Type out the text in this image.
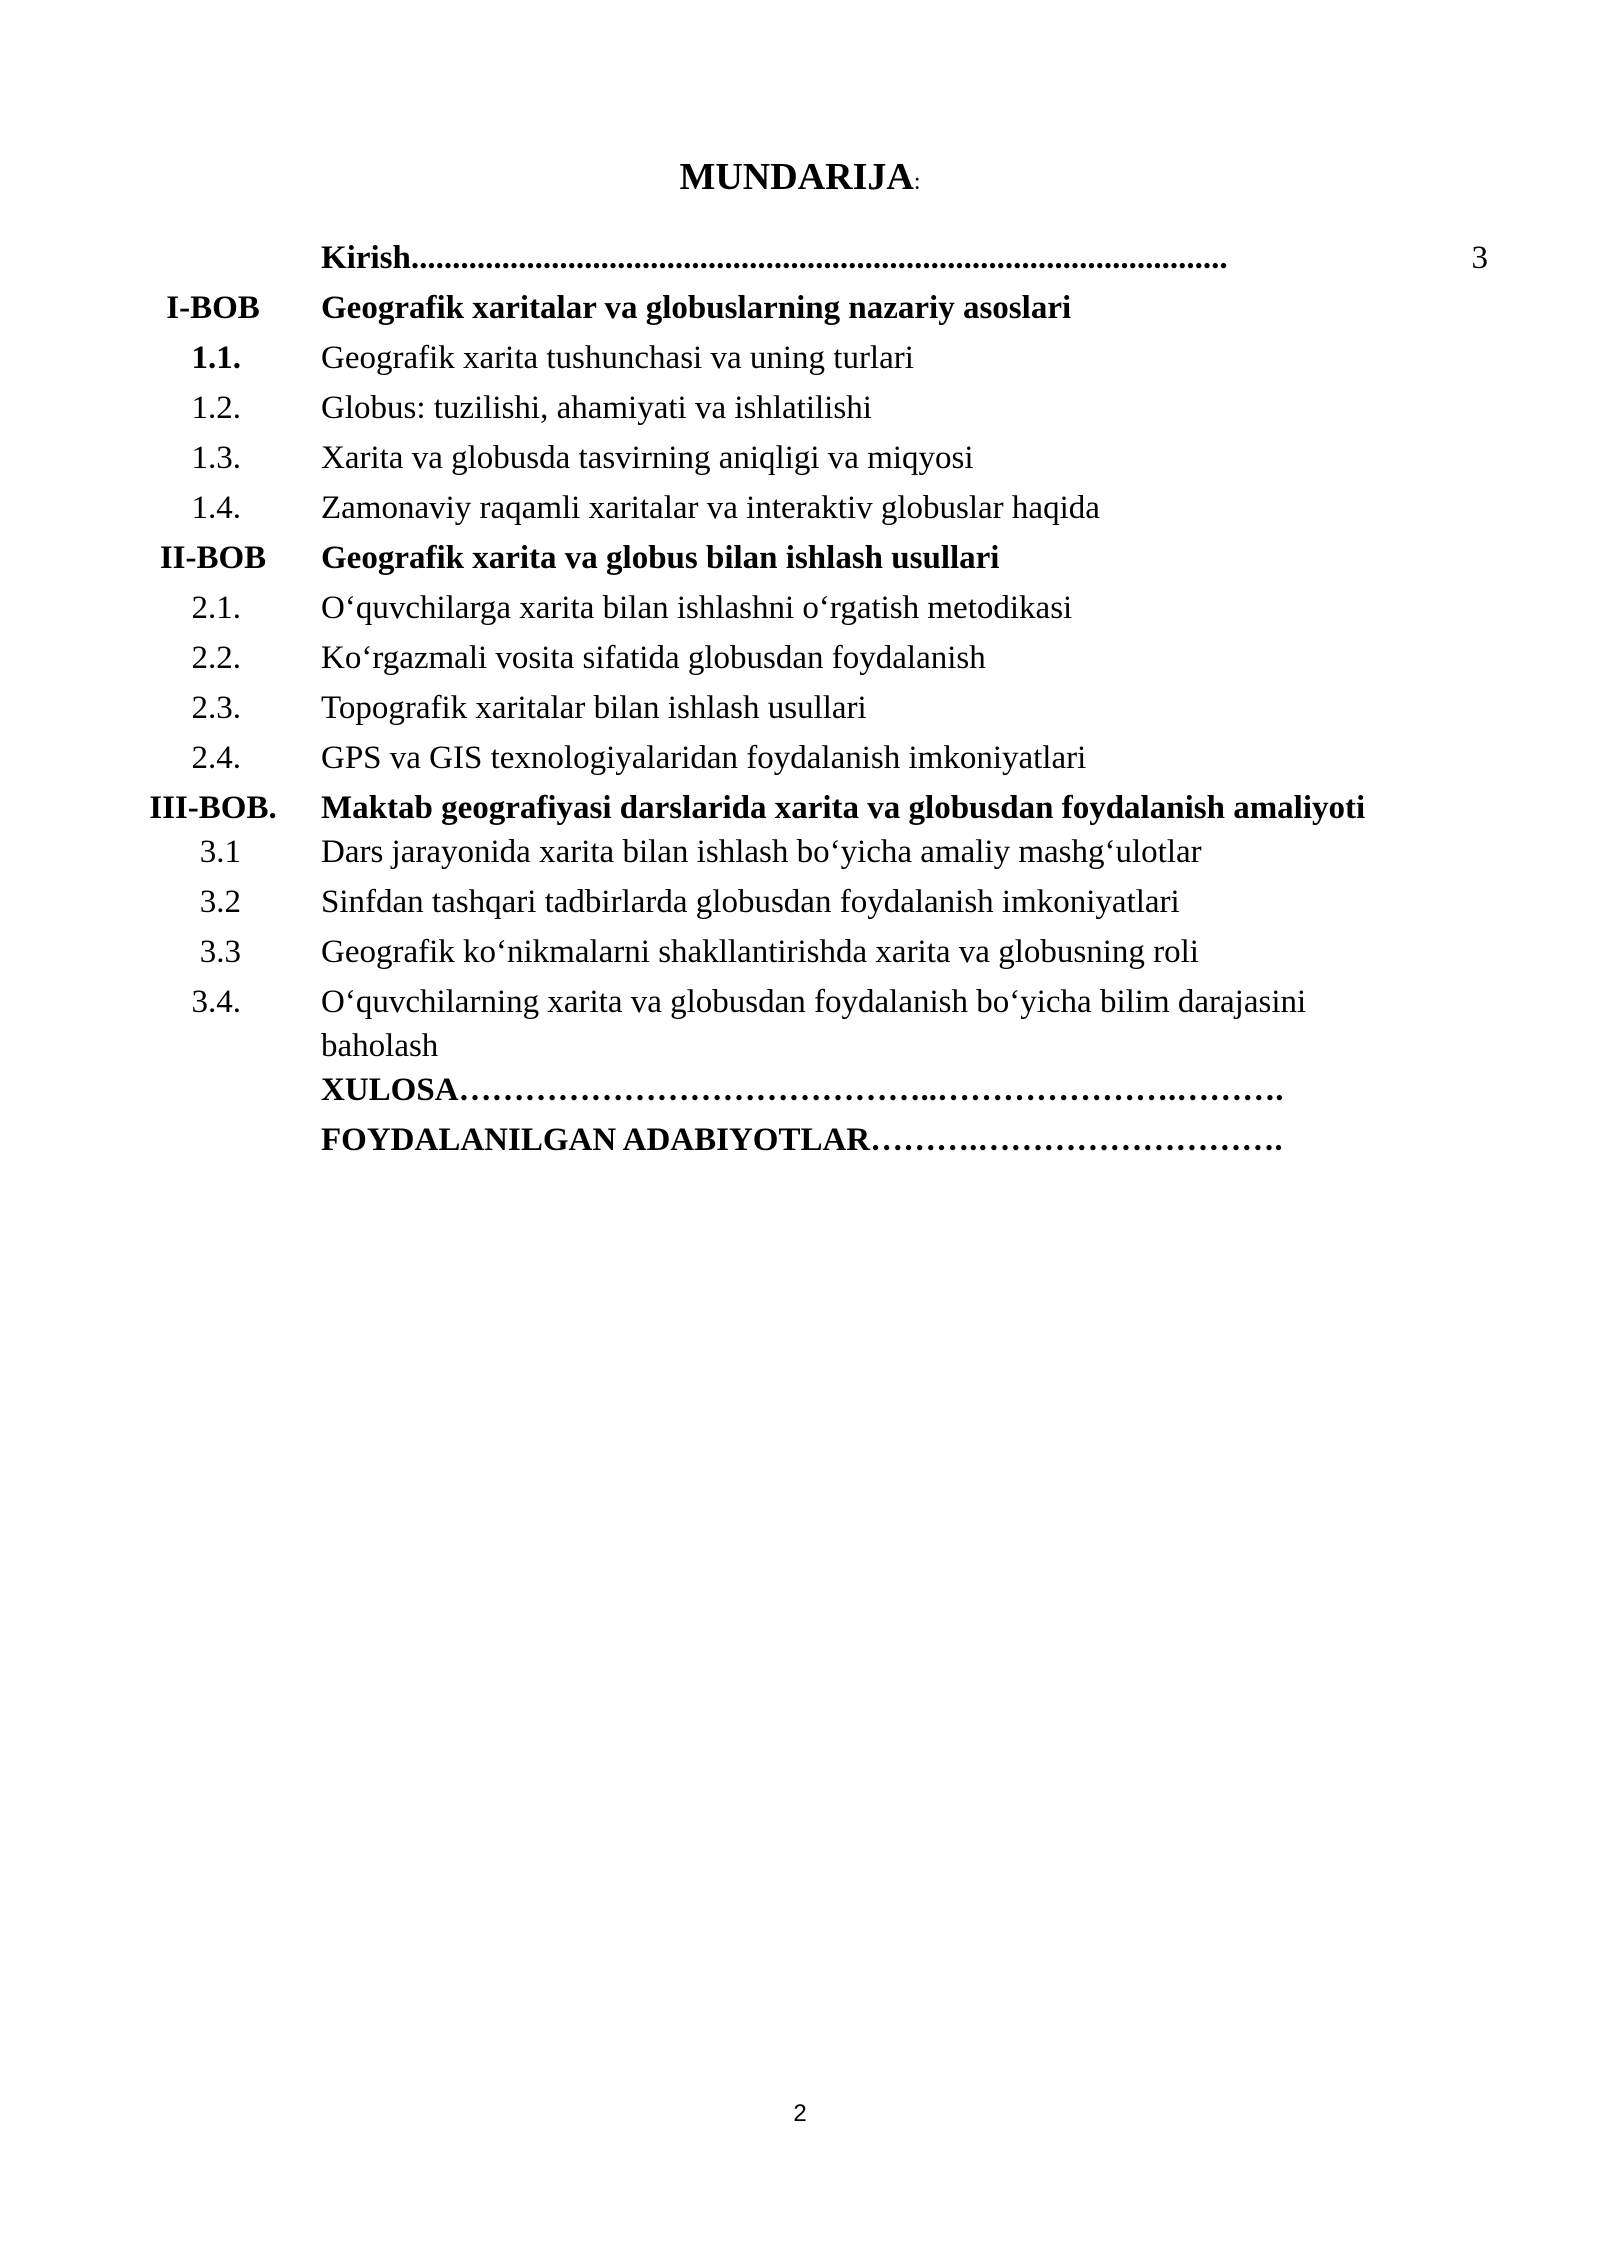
MUNDARIJA:
Kirish...................................................................................................	3
I-BOB	Geografik xaritalar va globuslarning nazariy asoslari
1.1.	Geografik xarita tushunchasi va uning turlari
1.2.	Globus: tuzilishi, ahamiyati va ishlatilishi
1.3.	Xarita va globusda tasvirning aniqligi va miqyosi
1.4.	Zamonaviy raqamli xaritalar va interaktiv globuslar haqida
II-BOB	Geografik xarita va globus bilan ishlash usullari
2.1.	O‘quvchilarga xarita bilan ishlashni o‘rgatish metodikasi
2.2.	Ko‘rgazmali vosita sifatida globusdan foydalanish
2.3.	Topografik xaritalar bilan ishlash usullari
2.4.	GPS va GIS texnologiyalaridan foydalanish imkoniyatlari
III-BOB.	Maktab geografiyasi darslarida xarita va globusdan foydalanish amaliyoti
3.1	Dars jarayonida xarita bilan ishlash bo‘yicha amaliy mashg‘ulotlar
3.2	Sinfdan tashqari tadbirlarda globusdan foydalanish imkoniyatlari
3.3	Geografik ko‘nikmalarni shakllantirishda xarita va globusning roli
3.4.	O‘quvchilarning xarita va globusdan foydalanish bo‘yicha bilim darajasini baholash
XULOSA……………………………………..………………….……….
FOYDALANILGAN ADABIYOTLAR……….……………………….
2
